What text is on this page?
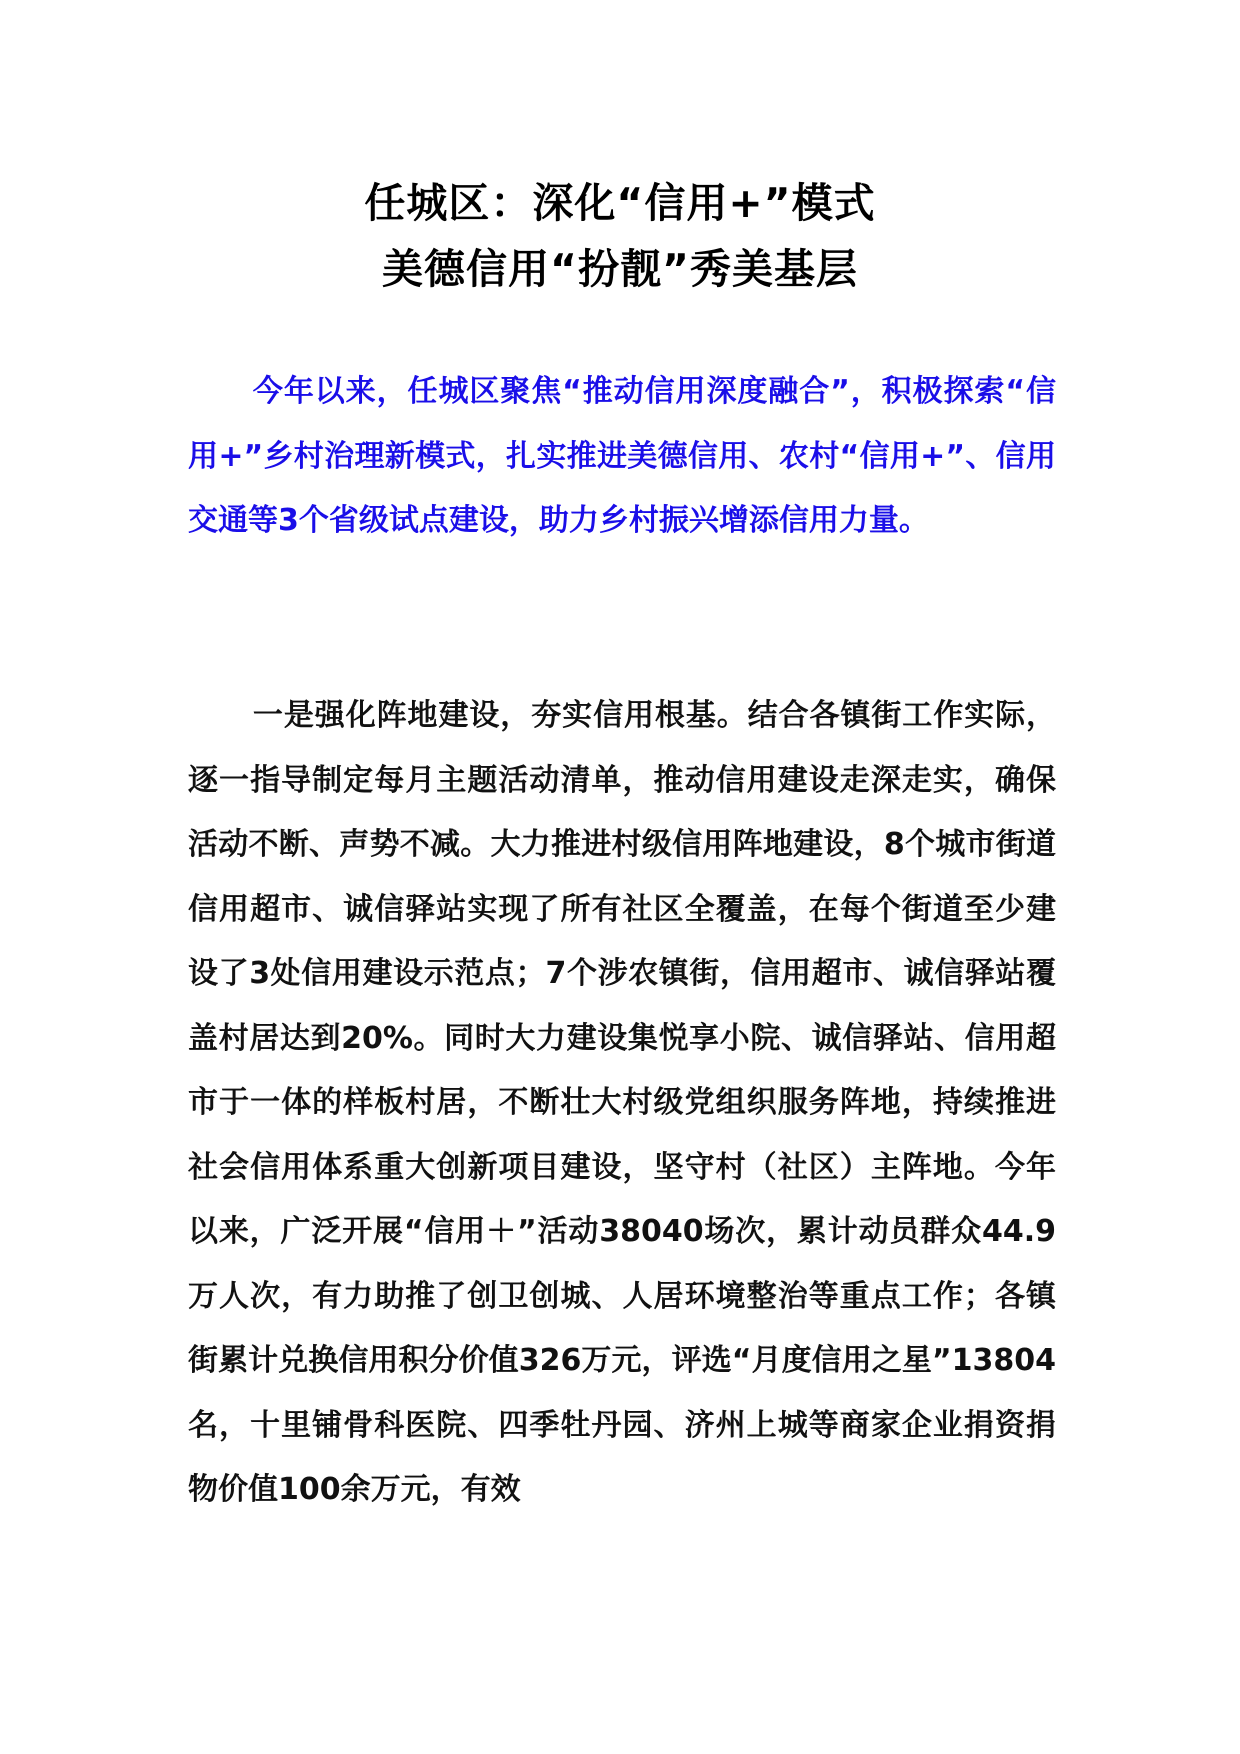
任城区：深化“信用+”模式
美德信用“扮靓”秀美基层

今年以来，任城区聚焦“推动信用深度融合”，积极探索“信用+”乡村治理新模式，扎实推进美德信用、农村“信用+”、信用交通等3个省级试点建设，助力乡村振兴增添信用力量。

一是强化阵地建设，夯实信用根基。结合各镇街工作实际，逐一指导制定每月主题活动清单，推动信用建设走深走实，确保活动不断、声势不减。大力推进村级信用阵地建设，8个城市街道信用超市、诚信驿站实现了所有社区全覆盖，在每个街道至少建设了3处信用建设示范点；7个涉农镇街，信用超市、诚信驿站覆盖村居达到20%。同时大力建设集悦享小院、诚信驿站、信用超市于一体的样板村居，不断壮大村级党组织服务阵地，持续推进社会信用体系重大创新项目建设，坚守村（社区）主阵地。今年以来，广泛开展“信用＋”活动38040场次，累计动员群众44.9万人次，有力助推了创卫创城、人居环境整治等重点工作；各镇街累计兑换信用积分价值326万元，评选“月度信用之星”13804名，十里铺骨科医院、四季牡丹园、济州上城等商家企业捐资捐物价值100余万元，有效
